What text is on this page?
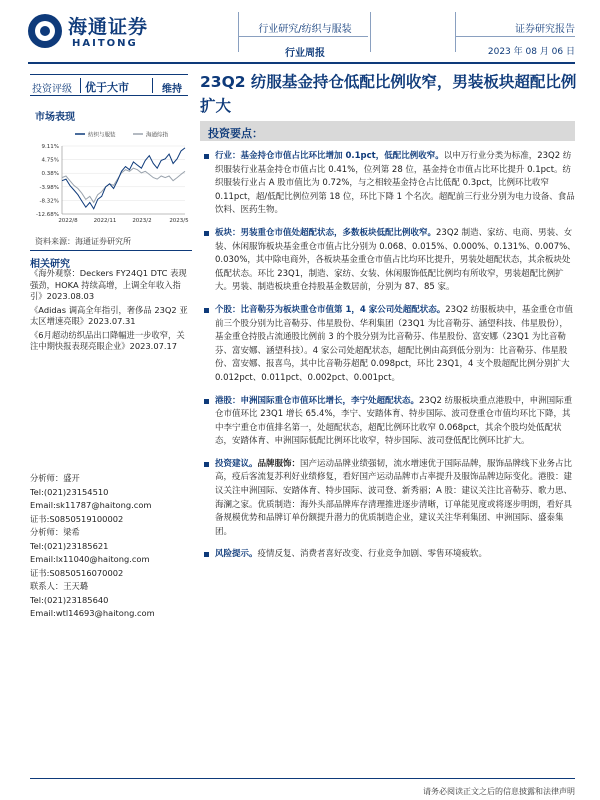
海通证券
HAITONG
行业研究/纺织与服装
行业周报
证券研究报告
2023 年 08 月 06 日
投资评级 优于大市	维持 23Q2 纺服基金持仓低配比例收窄，男装板块超配比例扩大
市场表现
纺织与服装	海通综指
9.11%
4.75%
0.38%
-3.98%
-8.32%
-12.68%
2022/8	2022/11	2023/2	2023/5
资料来源：海通证券研究所
相关研究
《海外观察：Deckers FY24Q1 DTC 表现强劲，HOKA 持续高增，上调全年收入指引》2023.08.03
《Adidas 调高全年指引，奢侈品 23Q2 亚太区增速亮眼》2023.07.31
《6月超动纺织品出口降幅进一步收窄，关注中期快报表现亮眼企业》2023.07.17
分析师：盛开
Tel:(021)23154510
Email:sk11787@haitong.com
证书:S0850519100002
分析师：梁希
Tel:(021)23185621
Email:lx11040@haitong.com
证书:S0850516070002
联系人：王天璐
Tel:(021)23185640
Email:wtl14693@haitong.com
投资要点：
行业：基金持仓市值占比环比增加 0.1pct，低配比例收窄。以申万行业分类为标准，23Q2 纺织服装行业基金持仓市值占比 0.41%，位列第 28 位，基金持仓市值占比环比提升 0.1pct。纺织服装行业占 A 股市值比为 0.72%，与之相较基金持仓占比低配 0.3pct，比例环比收窄 0.11pct，超/低配比例位列第 18 位，环比下降 1 个名次。超配前三行业分别为电力设备、食品饮料、医药生物。
板块：男装重仓市值处超配状态，多数板块低配比例收窄。23Q2 制造、家纺、电商、男装、女装、休闲服饰板块基金重仓市值占比分别为 0.068、0.015%、0.000%、0.131%、0.007%、0.030%，其中除电商外，各板块基金重仓市值占比均环比提升，男装处超配状态，其余板块处低配状态。环比 23Q1，制造、家纺、女装、休闲服饰低配比例均有所收窄，男装超配比例扩大。男装、制造板块重仓持股基金数居前，分别为 87、85 家。
个股：比音勒芬为板块重仓市值第 1，4 家公司处超配状态。23Q2 纺服板块中，基金重仓市值前三个股分别为比音勒芬、伟星股份、华利集团（23Q1 为比音勒芬、涵望科技、伟星股份），基金重仓持股占流通股比例前 3 的个股分别为比音勒芬、伟星股份、富安娜（23Q1 为比音勒芬、富安娜、涵望科技）。4 家公司处超配状态，超配比例由高到低分别为：比音勒芬、伟星股份、富安娜、报喜鸟，其中比音勒芬超配 0.098pct，环比 23Q1，4 支个股超配比例分别扩大 0.012pct、0.011pct、0.002pct、0.001pct。
港股：申洲国际重仓市值环比增长，李宁处超配状态。23Q2 纺服板块重点港股中，申洲国际重仓市值环比 23Q1 增长 65.4%，李宁、安踏体育、特步国际、波司登重仓市值均环比下降，其中李宁重仓市值排名第一，处超配状态，超配比例环比收窄 0.068pct，其余个股均处低配状态，安踏体育、申洲国际低配比例环比收窄，特步国际、波司登低配比例环比扩大。
投资建议。品牌服饰：国产运动品牌业绩强韧，流水增速优于国际品牌，服饰品牌线下业务占比高，疫后客流复苏利好业绩修复，看好国产运动品牌市占率提升及服饰品牌边际变化。港股：建议关注申洲国际、安踏体育、特步国际、波司登、新秀丽；A 股：建议关注比音勒芬、歌力思、海澜之家。优质制造：海外头部品牌库存清理推进逐步清晰，订单能见度或将逐步明朗，看好具备规模优势和品牌订单份额提升潜力的优质制造企业，建议关注华利集团、申洲国际、盛泰集团。
风险提示。疫情反复、消费者喜好改变、行业竞争加剧、零售环境疲软。
请务必阅读正文之后的信息披露和法律声明
